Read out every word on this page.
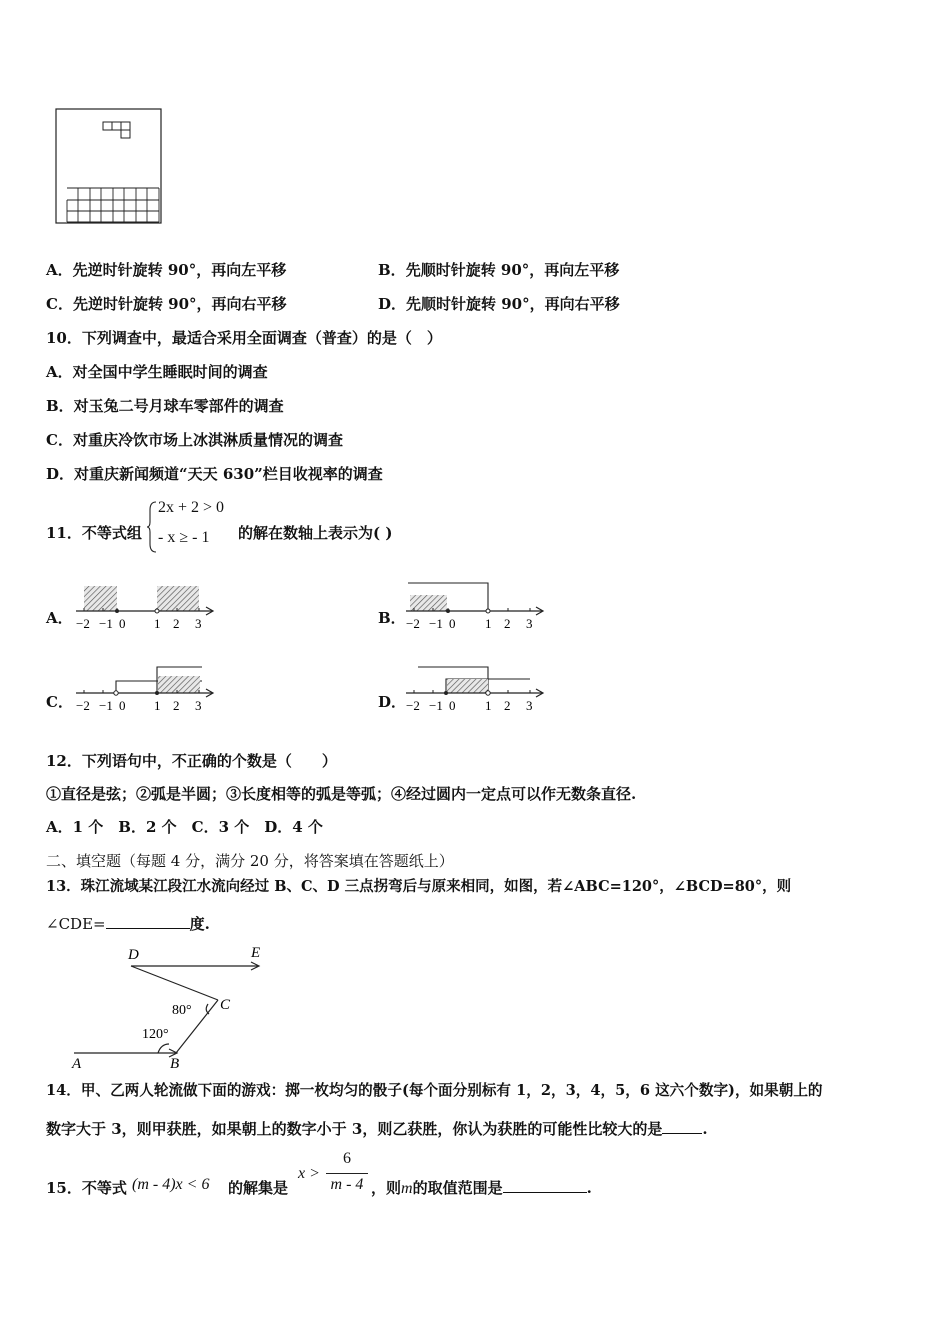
A．先逆时针旋转 90°，再向左平移	B．先顺时针旋转 90°，再向左平移
C．先逆时针旋转 90°，再向右平移	D．先顺时针旋转 90°，再向右平移
10．下列调查中，最适合采用全面调查（普查）的是（　）
A．对全国中学生睡眠时间的调查
B．对玉兔二号月球车零部件的调查
C．对重庆冷饮市场上冰淇淋质量情况的调查
D．对重庆新闻频道“天天 630”栏目收视率的调查
11．不等式组
2x + 2 > 0
- x ≥ - 1 的解在数轴上表示为( )
A． −2 −1 0 1 2 3	B． −2 −1 0 1 2 3
C． −2 −1 0 1 2 3	D． −2 −1 0 1 2 3
12．下列语句中，不正确的个数是（　　）
①直径是弦；②弧是半圆；③长度相等的弧是等弧；④经过圆内一定点可以作无数条直径.
A．1 个　B．2 个　C．3 个　D．4 个
二、填空题（每题 4 分，满分 20 分，将答案填在答题纸上）
13．珠江流域某江段江水流向经过 B、C、D 三点拐弯后与原来相同，如图，若∠ABC=120°，∠BCD=80°，则
∠CDE=	度.
D	E
C
A	B
80°
120°
14．甲、乙两人轮流做下面的游戏：掷一枚均匀的骰子(每个面分别标有 1，2，3，4，5，6 这六个数字)，如果朝上的
数字大于 3，则甲获胜，如果朝上的数字小于 3，则乙获胜，你认为获胜的可能性比较大的是	.
15．不等式 (m - 4)x < 6 的解集是
x >
6
m - 4 ，则m的取值范围是	.
